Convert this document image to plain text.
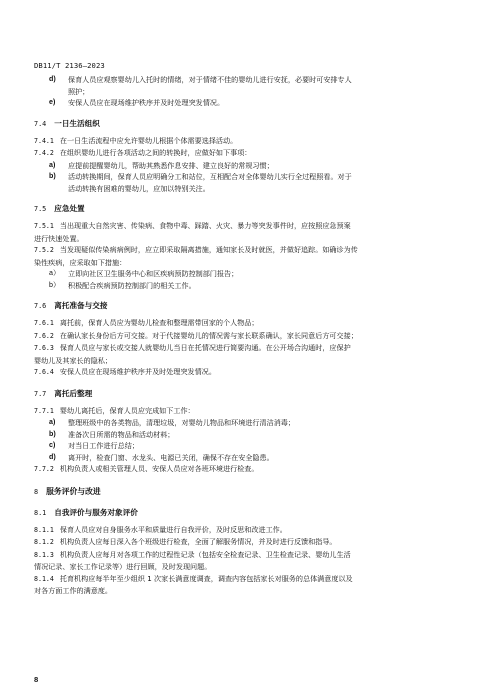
DB11/T 2136—2023
d)	保育人员应观察婴幼儿入托时的情绪，对于情绪不佳的婴幼儿进行安抚，必要时可安排专人
照护；
e)	安保人员应在现场维护秩序并及时处理突发情况。
7.4 一日生活组织
7.4.1 在一日生活流程中应允许婴幼儿根据个体需要选择活动。
7.4.2 在组织婴幼儿进行各项活动之间的转换时，应做好如下事项：
a)	应提前提醒婴幼儿，帮助其熟悉作息安排、建立良好的常规习惯；
b)	活动转换期间，保育人员应明确分工和站位，互相配合对全体婴幼儿实行全过程照看。对于
活动转换有困难的婴幼儿，应加以特别关注。
7.5 应急处置
7.5.1 当出现重大自然灾害、传染病、食物中毒、踩踏、火灾、暴力等突发事件时，应按照应急预案
进行快速处置。
7.5.2 当发现疑似传染病病例时，应立即采取隔离措施，通知家长及时就医，并做好追踪。如确诊为传
染性疾病，应采取如下措施：
a）	立即向社区卫生服务中心和区疾病预防控制部门报告；
b）	积极配合疾病预防控制部门的相关工作。
7.6 离托准备与交接
7.6.1 离托前，保育人员应为婴幼儿检查和整理需带回家的个人物品；
7.6.2 在确认家长身份后方可交接。对于代接婴幼儿的情况需与家长联系确认，家长同意后方可交接；
7.6.3 保育人员应与家长或交接人就婴幼儿当日在托情况进行简要沟通。在公开场合沟通时，应保护
婴幼儿及其家长的隐私；
7.6.4 安保人员应在现场维护秩序并及时处理突发情况。
7.7 离托后整理
7.7.1 婴幼儿离托后，保育人员应完成如下工作：
a)	整理班级中的各类物品，清理垃圾，对婴幼儿物品和环境进行清洁消毒；
b)	准备次日所需的物品和活动材料；
c)	对当日工作进行总结；
d)	离开时，检查门窗、水龙头、电源已关闭，确保不存在安全隐患。
7.7.2 机构负责人或相关管理人员、安保人员应对各班环境进行检查。
8 服务评价与改进
8.1 自我评价与服务对象评价
8.1.1 保育人员应对自身服务水平和质量进行自我评价，及时反思和改进工作。
8.1.2 机构负责人应每日深入各个班级进行检查，全面了解服务情况，并及时进行反馈和指导。
8.1.3 机构负责人应每月对各项工作的过程性记录（包括安全检查记录、卫生检查记录、婴幼儿生活
情况记录、家长工作记录等）进行回顾，及时发现问题。
8.1.4 托育机构应每半年至少组织 1 次家长满意度调查，调查内容包括家长对服务的总体满意度以及
对各方面工作的满意度。
8
